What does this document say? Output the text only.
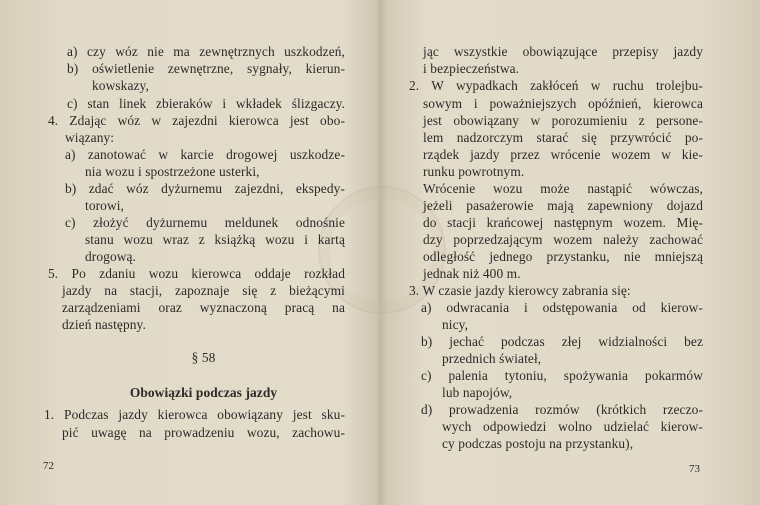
a) czy wóz nie ma zewnętrznych uszkodzeń,
b) oświetlenie zewnętrzne, sygnały, kierun-
kowskazy,
c) stan linek zbieraków i wkładek ślizgaczy.
4. Zdając wóz w zajezdni kierowca jest obo-
wiązany:
a) zanotować w karcie drogowej uszkodze-
nia wozu i spostrzeżone usterki,
b) zdać wóz dyżurnemu zajezdni, ekspedy-
torowi,
c) złożyć dyżurnemu meldunek odnośnie
stanu wozu wraz z książką wozu i kartą
drogową.
5. Po zdaniu wozu kierowca oddaje rozkład
jazdy na stacji, zapoznaje się z bieżącymi
zarządzeniami oraz wyznaczoną pracą na
dzień następny.
§ 58
Obowiązki podczas jazdy
1. Podczas jazdy kierowca obowiązany jest sku-
pić uwagę na prowadzeniu wozu, zachowu-
72
jąc wszystkie obowiązujące przepisy jazdy
i bezpieczeństwa.
2. W wypadkach zakłóceń w ruchu trolejbu-
sowym i poważniejszych opóźnień, kierowca
jest obowiązany w porozumieniu z persone-
lem nadzorczym starać się przywrócić po-
rządek jazdy przez wrócenie wozem w kie-
runku powrotnym.
Wrócenie wozu może nastąpić wówczas,
jeżeli pasażerowie mają zapewniony dojazd
do stacji krańcowej następnym wozem. Mię-
dzy poprzedzającym wozem należy zachować
odległość jednego przystanku, nie mniejszą
jednak niż 400 m.
3. W czasie jazdy kierowcy zabrania się:
a) odwracania i odstępowania od kierow-
nicy,
b) jechać podczas złej widzialności bez
przednich świateł,
c) palenia tytoniu, spożywania pokarmów
lub napojów,
d) prowadzenia rozmów (krótkich rzeczo-
wych odpowiedzi wolno udzielać kierow-
cy podczas postoju na przystanku),
73
